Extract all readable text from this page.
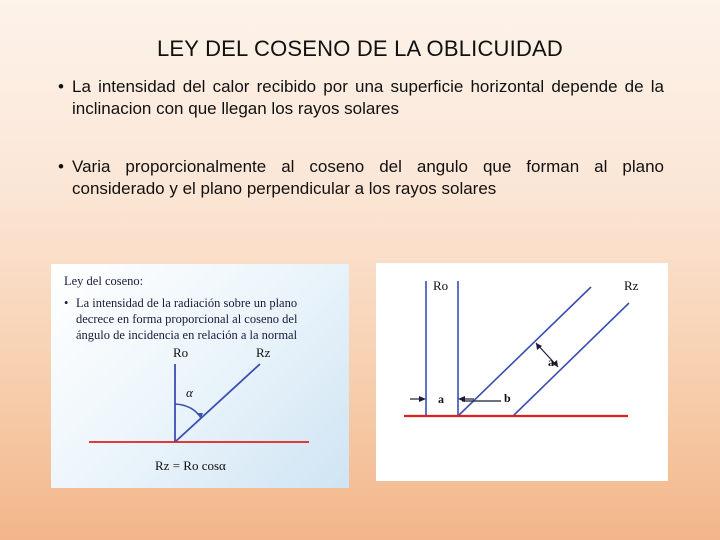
LEY DEL COSENO DE LA OBLICUIDAD
• La intensidad del calor recibido por una superficie horizontal depende de la inclinacion con que llegan los rayos solares
• Varia proporcionalmente al coseno del angulo que forman al plano considerado y el plano perpendicular a los rayos solares
Ley del coseno:
• La intensidad de la radiación sobre un plano
decrece en forma proporcional al coseno del
ángulo de incidencia en relación a la normal
Ro	Rz
α
Rz = Ro cosα
Ro	Rz
a
a	b
